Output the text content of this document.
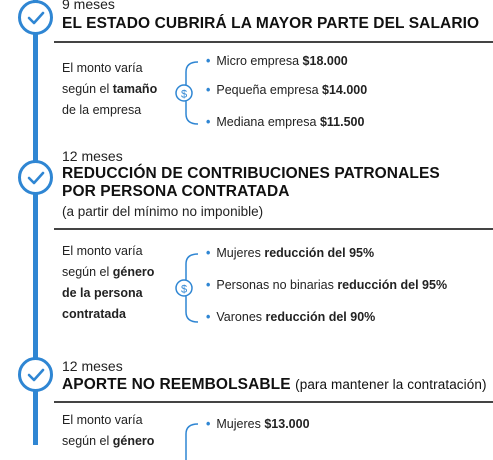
9 meses
EL ESTADO CUBRIRÁ LA MAYOR PARTE DEL SALARIO
El monto varía
según el tamaño
de la empresa
$
• Micro empresa $18.000
• Pequeña empresa $14.000
• Mediana empresa $11.500
12 meses
REDUCCIÓN DE CONTRIBUCIONES PATRONALES
POR PERSONA CONTRATADA
(a partir del mínimo no imponible)
El monto varía
según el género
de la persona
contratada
$
• Mujeres reducción del 95%
• Personas no binarias reducción del 95%
• Varones reducción del 90%
12 meses
APORTE NO REEMBOLSABLE (para mantener la contratación)
El monto varía
según el género
• Mujeres $13.000
